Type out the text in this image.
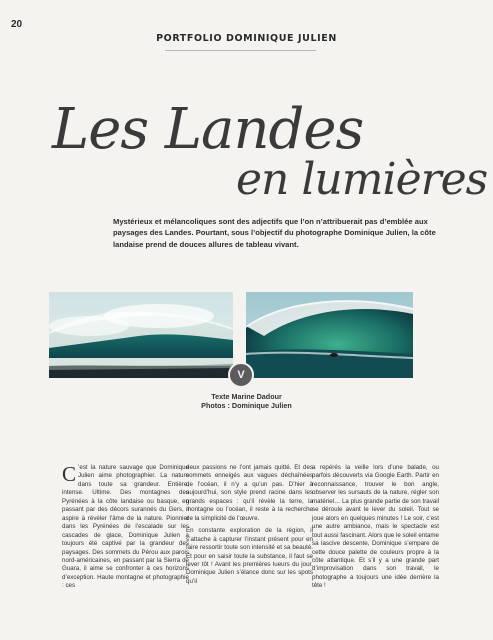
20
PORTFOLIO DOMINIQUE JULIEN
Les Landes
en lumières
Mystérieux et mélancoliques sont des adjectifs que l’on n’attribuerait pas d’emblée aux paysages des Landes. Pourtant, sous l’objectif du photographe Dominique Julien, la côte landaise prend de douces allures de tableau vivant.
V
Texte Marine Dadour
Photos : Dominique Julien

C ’est la nature sauvage que Dominique Julien aime photographier. La nature dans toute sa grandeur. Entière, intense. Ultime. Des montagnes des Pyrénées à la côte landaise ou basque, en passant par des décors surannés du Gers, il aspire à révéler l’âme de la nature. Pionnier dans les Pyrénées de l’escalade sur les cascades de glace, Dominique Julien a toujours été captivé par la grandeur des paysages. Des sommets du Pérou aux parois nord-américaines, en passant par la Sierra de Guara, il aime se confronter à ces horizons d’exception. Haute montagne et photographie : ces

deux passions ne l’ont jamais quitté. Et des sommets enneigés aux vagues déchaînées de l’océan, il n’y a qu’un pas. D’hier à aujourd’hui, son style prend racine dans les grands espaces : qu’il révèle la terre, la montagne ou l’océan, il reste à la recherche de la simplicité de l’œuvre.

En constante exploration de la région, il s’attache à capturer l’instant présent pour en faire ressortir toute son intensité et sa beauté. Et pour en saisir toute la substance, il faut se lever tôt ! Avant les premières lueurs du jour, Dominique Julien s’élance donc sur les spots qu’il

a repérés la veille lors d’une balade, ou parfois découverts via Google Earth. Partir en reconnaissance, trouver le bon angle, observer les sursauts de la nature, régler son matériel… La plus grande partie de son travail se déroule avant le lever du soleil. Tout se joue alors en quelques minutes ! Le soir, c’est une autre ambiance, mais le spectacle est tout aussi fascinant. Alors que le soleil entame sa lascive descente, Dominique s’empare de cette douce palette de couleurs propre à la côte atlantique. Et s’il y a une grande part d’improvisation dans son travail, le photographe a toujours une idée derrière la tête !
